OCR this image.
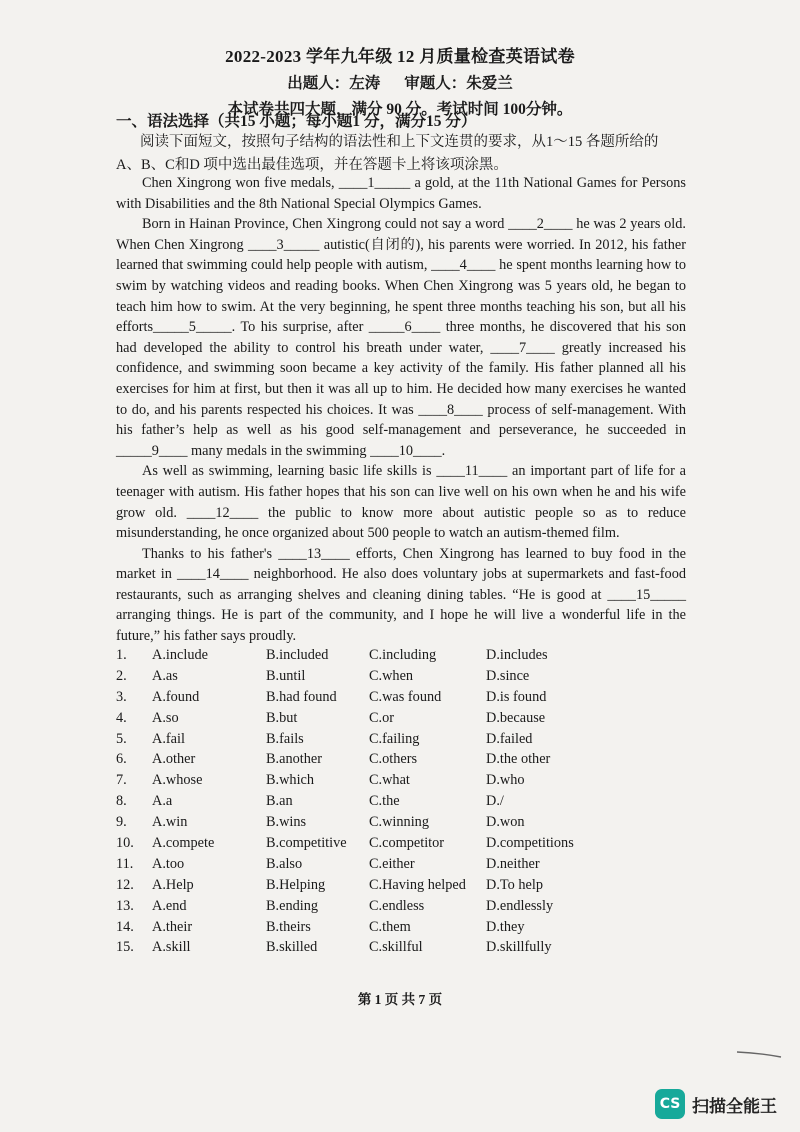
2022-2023 学年九年级 12 月质量检查英语试卷
出题人：左涛 审题人：朱爱兰
本试卷共四大题，满分 90 分。考试时间 100分钟。
一、语法选择（共15 小题；每小题1 分，满分15 分）
阅读下面短文，按照句子结构的语法性和上下文连贯的要求，从1～15 各题所给的 A、B、C和D 项中选出最佳选项，并在答题卡上将该项涂黑。

Chen Xingrong won five medals, ____1_____ a gold, at the 11th National Games for Persons with Disabilities and the 8th National Special Olympics Games.

Born in Hainan Province, Chen Xingrong could not say a word ____2____ he was 2 years old. When Chen Xingrong ____3_____ autistic(自闭的), his parents were worried. In 2012, his father learned that swimming could help people with autism, ____4____ he spent months learning how to swim by watching videos and reading books. When Chen Xingrong was 5 years old, he began to teach him how to swim. At the very beginning, he spent three months teaching his son, but all his efforts_____5_____. To his surprise, after _____6____ three months, he discovered that his son had developed the ability to control his breath under water, ____7____ greatly increased his confidence, and swimming soon became a key activity of the family. His father planned all his exercises for him at first, but then it was all up to him. He decided how many exercises he wanted to do, and his parents respected his choices. It was ____8____ process of self-management. With his father’s help as well as his good self-management and perseverance, he succeeded in _____9____ many medals in the swimming ____10____.

As well as swimming, learning basic life skills is ____11____ an important part of life for a teenager with autism. His father hopes that his son can live well on his own when he and his wife grow old. ____12____ the public to know more about autistic people so as to reduce misunderstanding, he once organized about 500 people to watch an autism-themed film.

Thanks to his father's ____13____ efforts, Chen Xingrong has learned to buy food in the market in ____14____ neighborhood. He also does voluntary jobs at supermarkets and fast-food restaurants, such as arranging shelves and cleaning dining tables. “He is good at ____15_____ arranging things. He is part of the community, and I hope he will live a wonderful life in the future,” his father says proudly.

1. A.include	B.included	C.including	D.includes
2. A.as	B.until	C.when	D.since
3. A.found	B.had found C.was found	D.is found
4. A.so	B.but	C.or	D.because
5. A.fail	B.fails	C.failing	D.failed
6. A.other	B.another	C.others	D.the other
7. A.whose	B.which	C.what	D.who
8. A.a	B.an	C.the	D./
9. A.win	B.wins	C.winning	D.won
10. A.compete	B.competitive C.competitor	D.competitions
11. A.too	B.also	C.either	D.neither
12. A.Help	B.Helping	C.Having helped D.To help
13. A.end	B.ending	C.endless	D.endlessly
14. A.their	B.theirs	C.them	D.they
15. A.skill	B.skilled	C.skillful	D.skillfully
第 1 页 共 7 页
CS 扫描全能王
